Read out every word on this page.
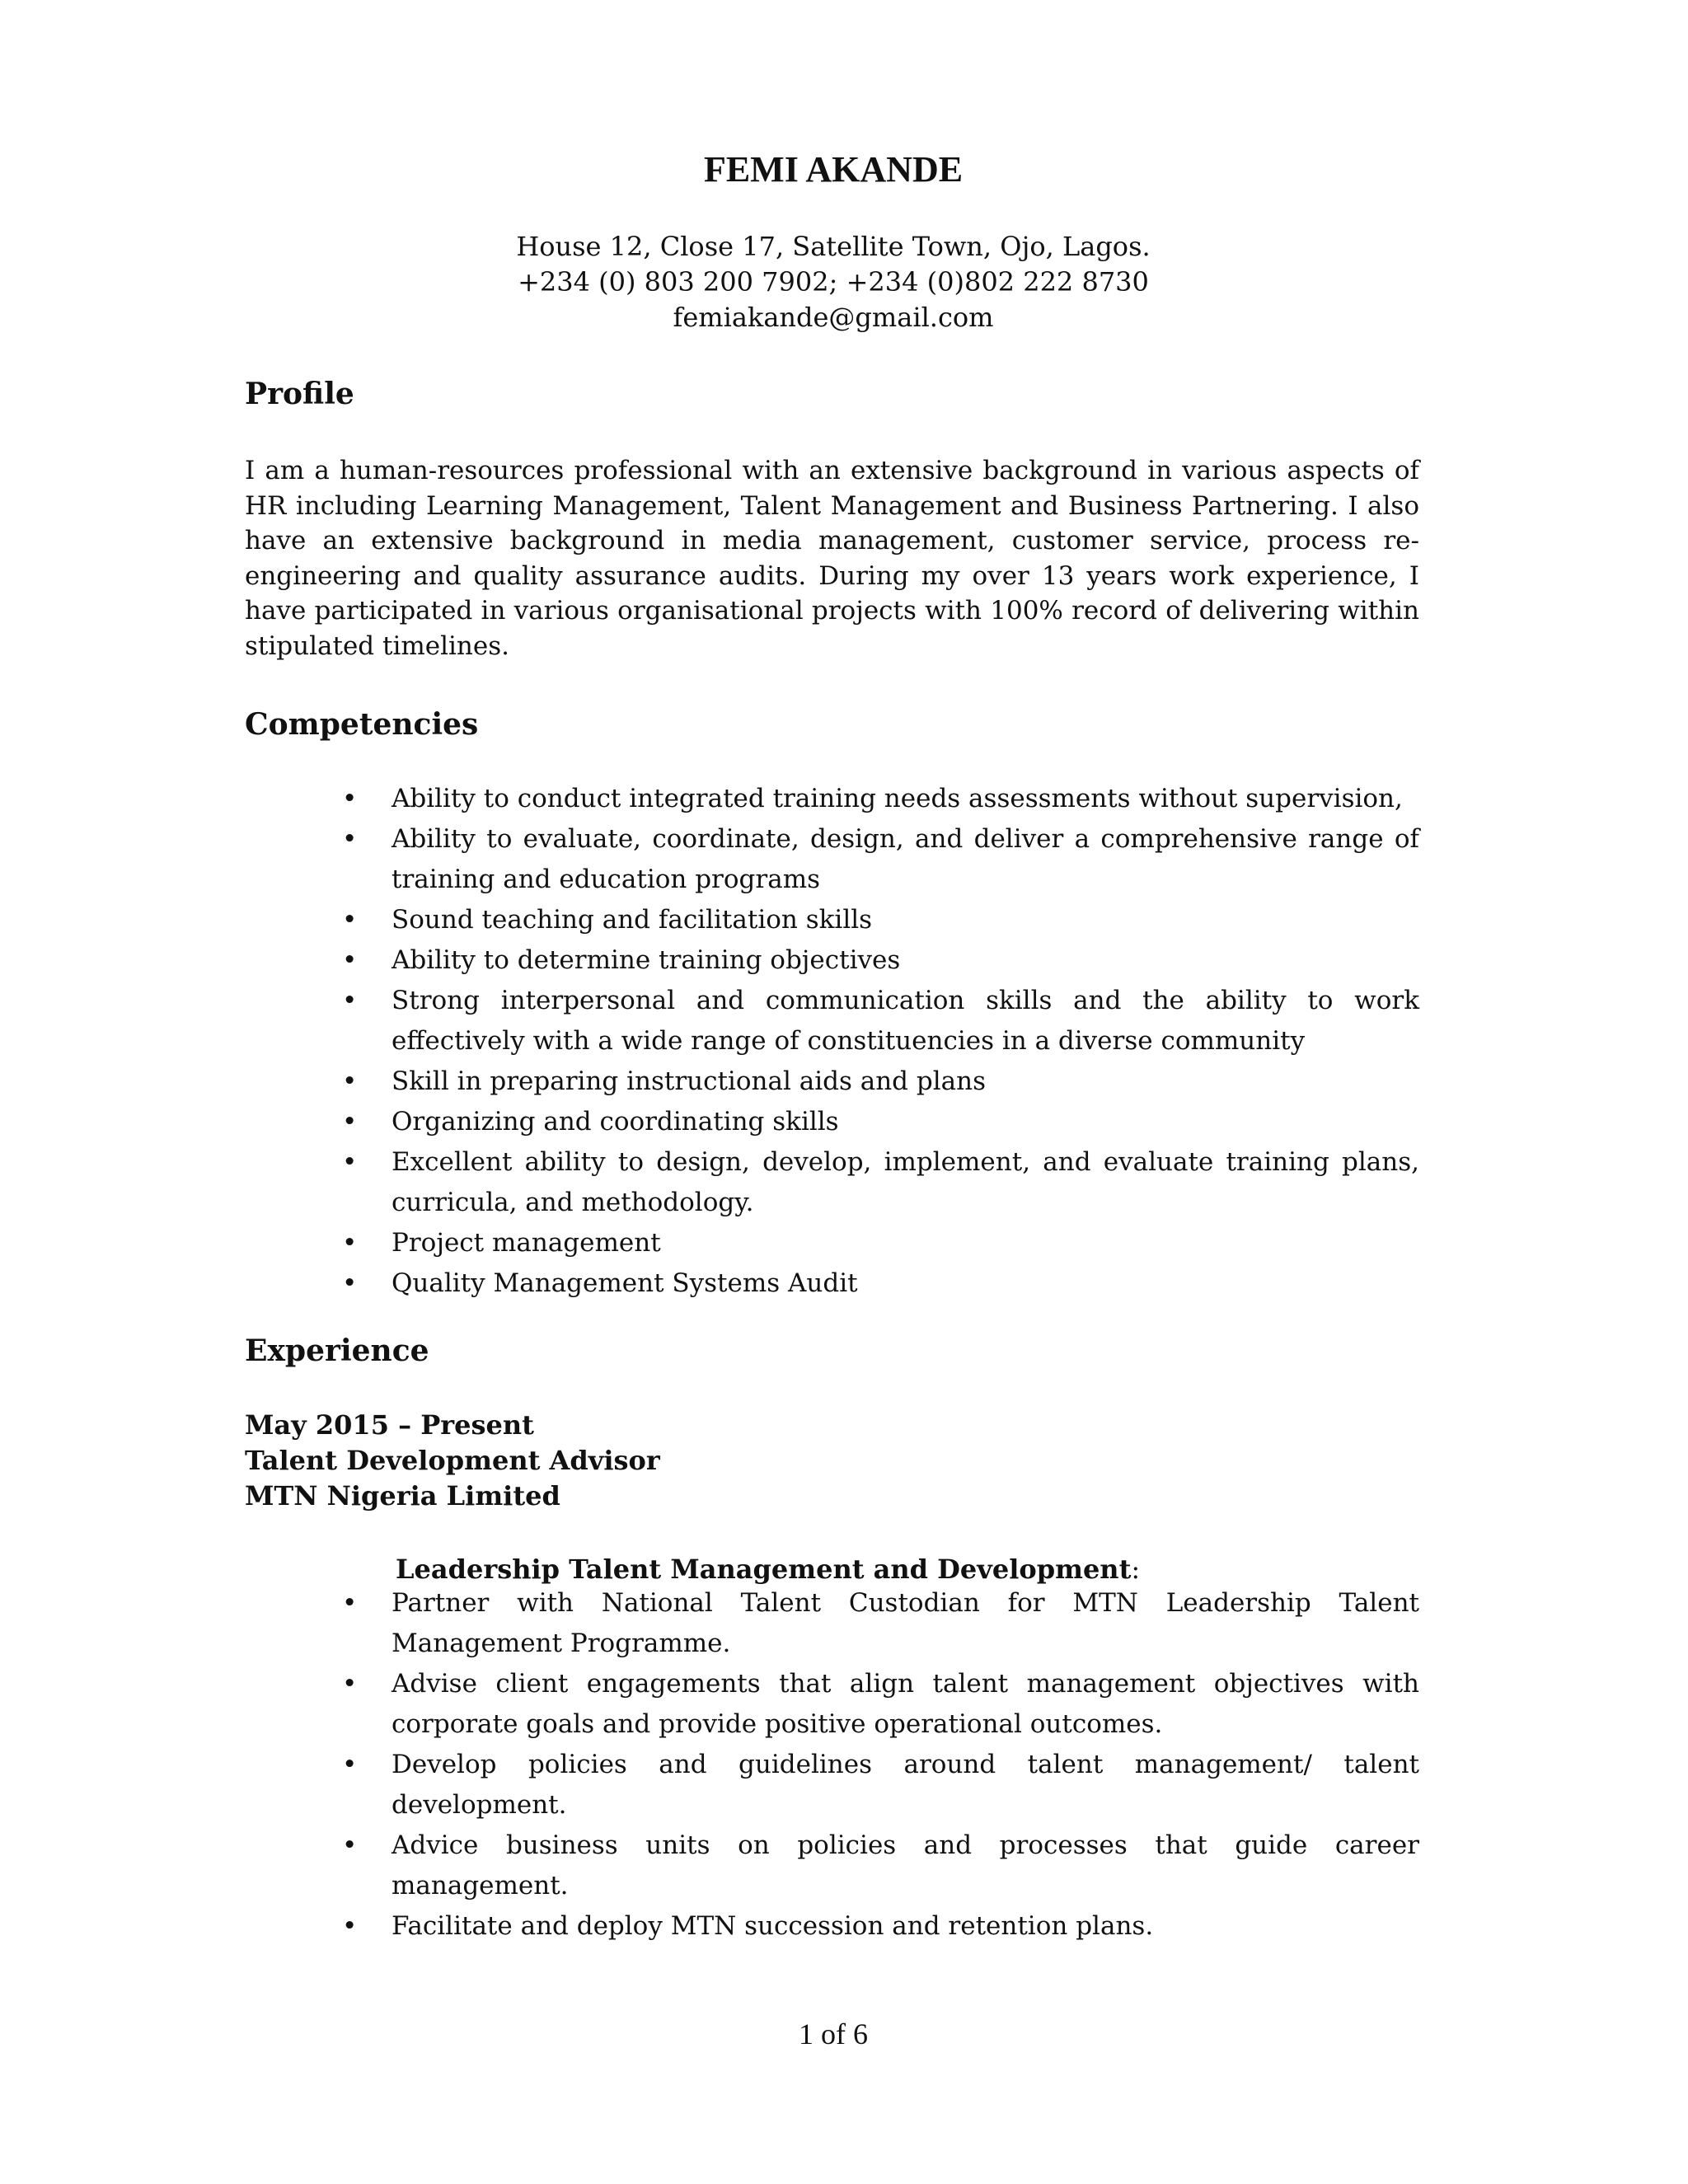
FEMI AKANDE
House 12, Close 17, Satellite Town, Ojo, Lagos.
+234 (0) 803 200 7902; +234 (0)802 222 8730
femiakande@gmail.com
Profile

I am a human-resources professional with an extensive background in various aspects of HR including Learning Management, Talent Management and Business Partnering. I also have an extensive background in media management, customer service, process re-engineering and quality assurance audits. During my over 13 years work experience, I have participated in various organisational projects with 100% record of delivering within stipulated timelines.

Competencies
•	Ability to conduct integrated training needs assessments without supervision,
•	Ability to evaluate, coordinate, design, and deliver a comprehensive range of training and education programs
•	Sound teaching and facilitation skills
•	Ability to determine training objectives
•	Strong interpersonal and communication skills and the ability to work effectively with a wide range of constituencies in a diverse community
•	Skill in preparing instructional aids and plans
•	Organizing and coordinating skills
•	Excellent ability to design, develop, implement, and evaluate training plans, curricula, and methodology.
•	Project management
•	Quality Management Systems Audit
Experience
May 2015 – Present
Talent Development Advisor
MTN Nigeria Limited
Leadership Talent Management and Development:
•	Partner with National Talent Custodian for MTN Leadership Talent Management Programme.
•	Advise client engagements that align talent management objectives with corporate goals and provide positive operational outcomes.
•	Develop policies and guidelines around talent management/ talent development.
•	Advice business units on policies and processes that guide career management.
•	Facilitate and deploy MTN succession and retention plans.
1 of 6
